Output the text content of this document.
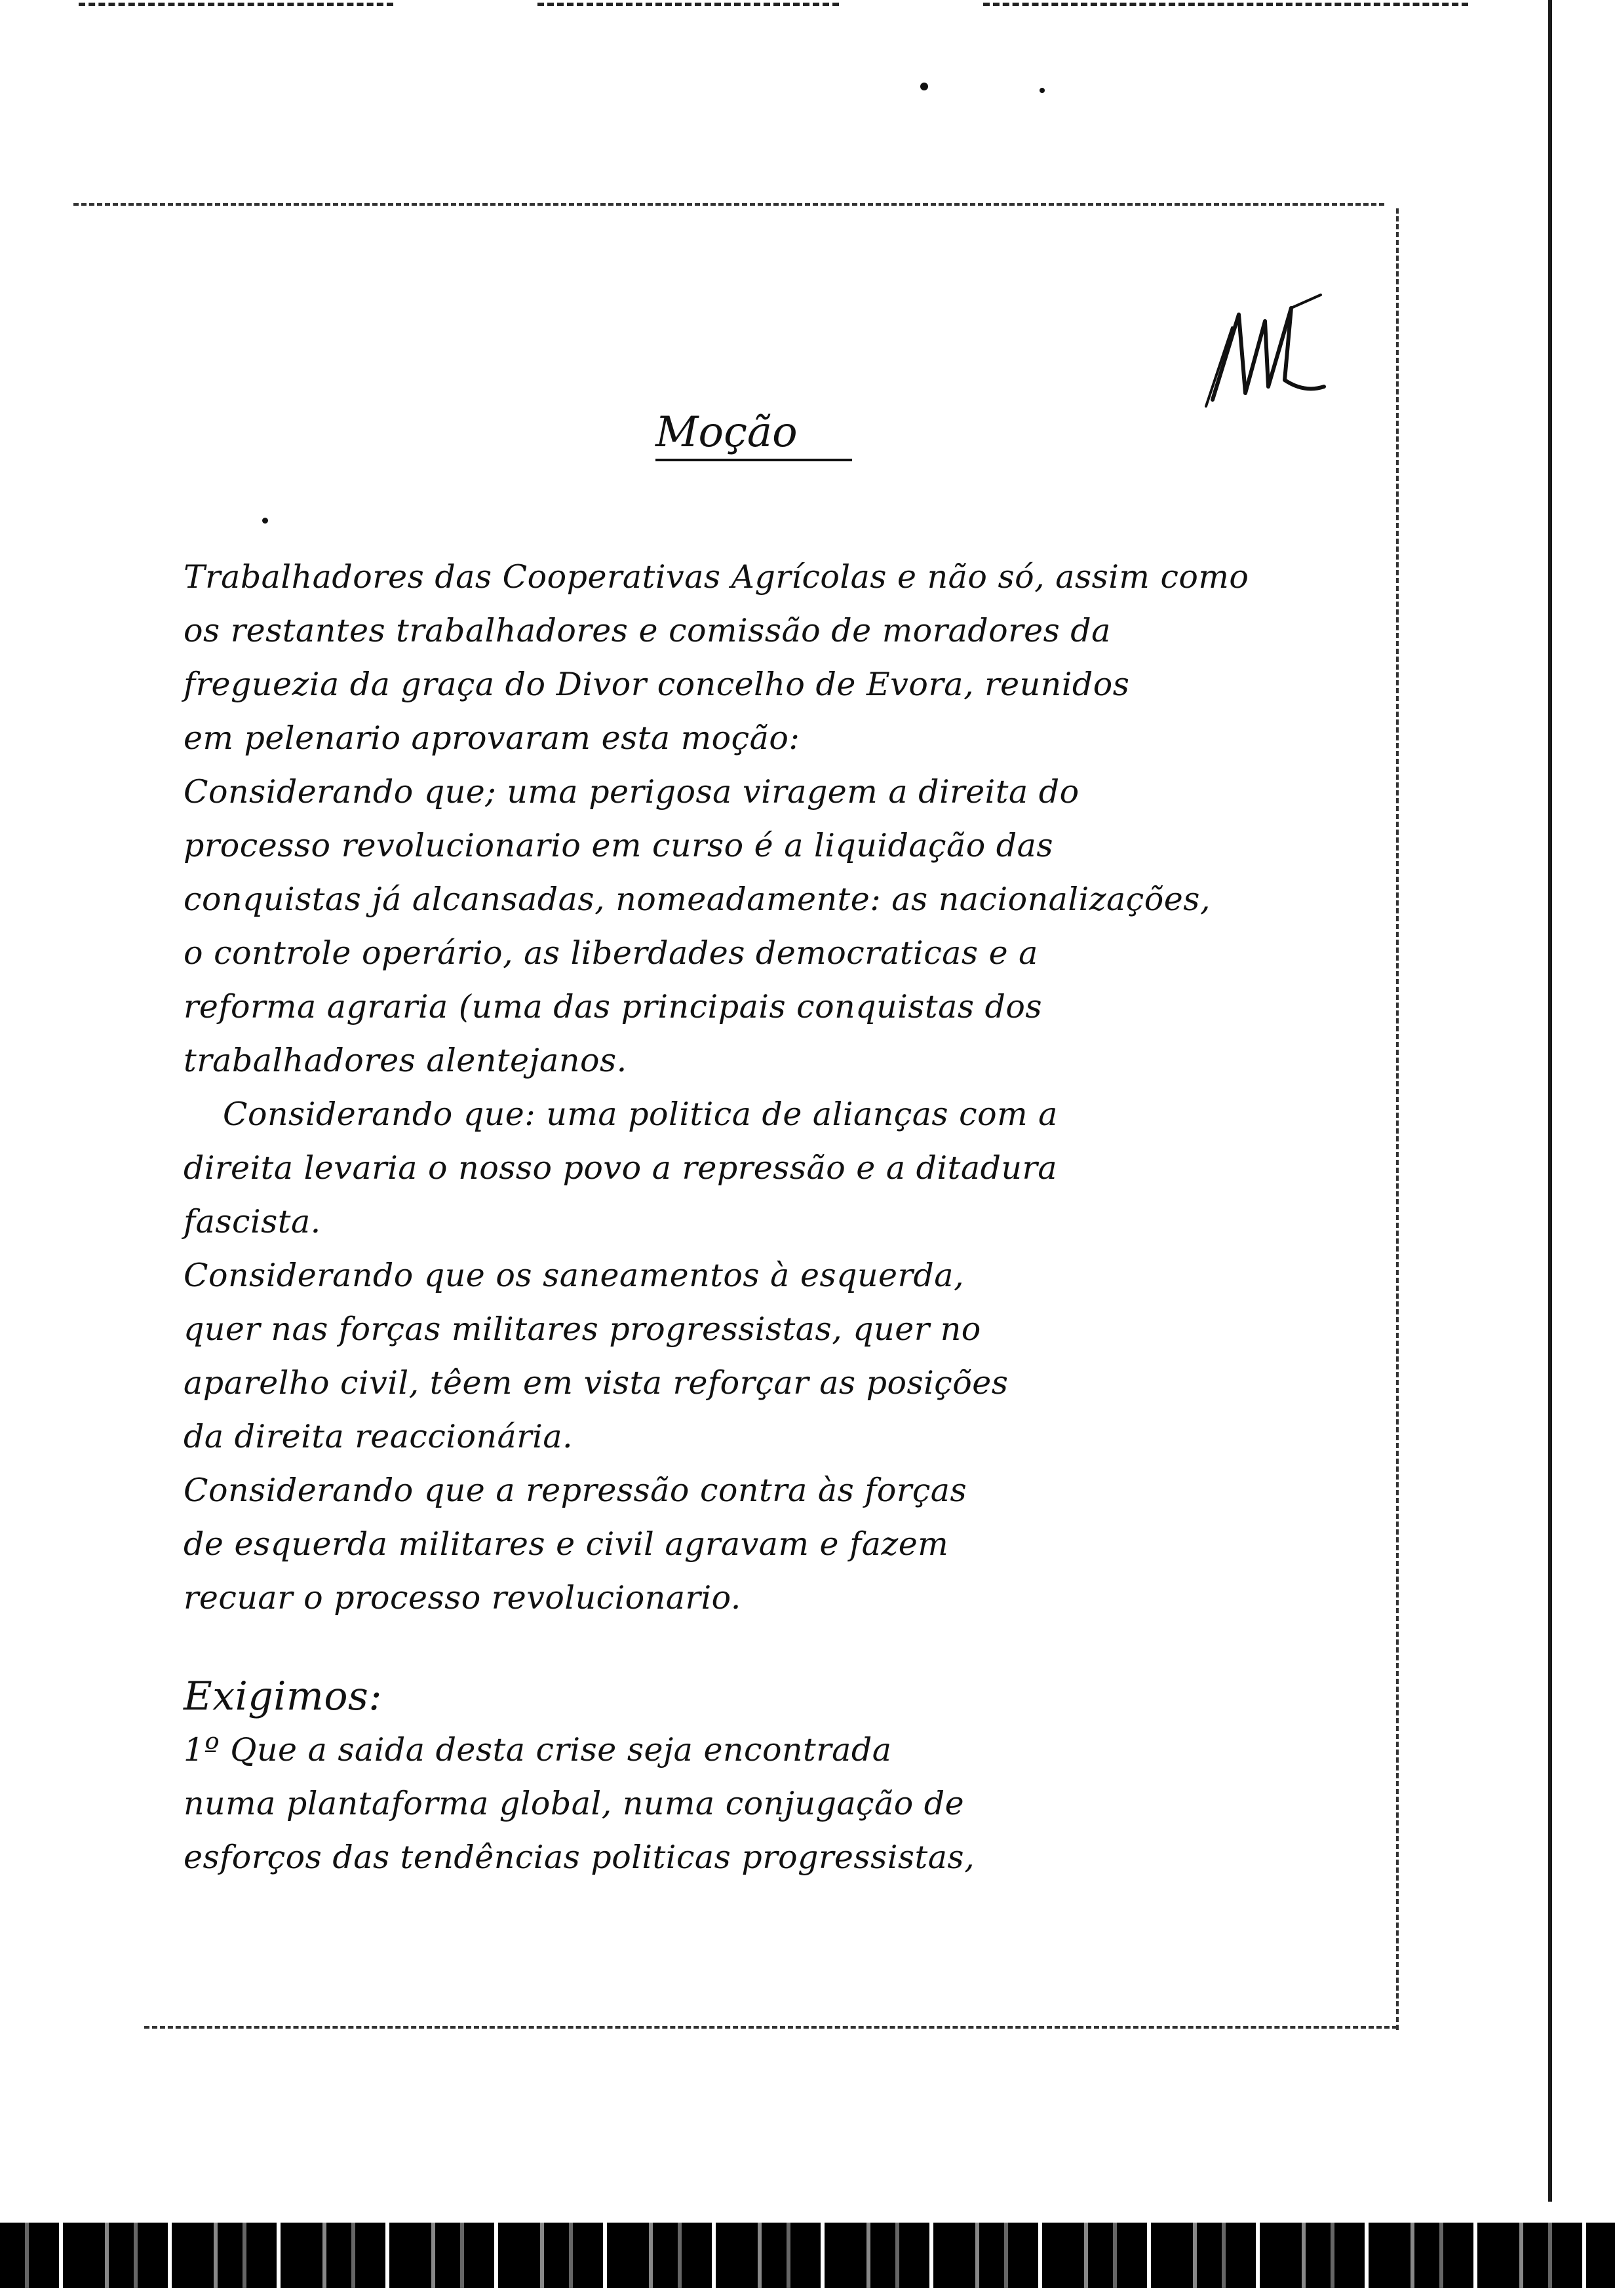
Moção
Trabalhadores das Cooperativas Agrícolas e não só, assim como
os restantes trabalhadores e comissão de moradores da
freguezia da graça do Divor concelho de Evora, reunidos
em pelenario aprovaram esta moção:
Considerando que; uma perigosa viragem a direita do
processo revolucionario em curso é a liquidação das
conquistas já alcansadas, nomeadamente: as nacionalizações,
o controle operário, as liberdades democraticas e a
reforma agraria (uma das principais conquistas dos
trabalhadores alentejanos.
Considerando que: uma politica de alianças com a
direita levaria o nosso povo a repressão e a ditadura
fascista.
Considerando que os saneamentos à esquerda,
quer nas forças militares progressistas, quer no
aparelho civil, têem em vista reforçar as posições
da direita reaccionária.
Considerando que a repressão contra às forças
de esquerda militares e civil agravam e fazem
recuar o processo revolucionario.
Exigimos:
1º Que a saida desta crise seja encontrada
numa plantaforma global, numa conjugação de
esforços das tendências politicas progressistas,
